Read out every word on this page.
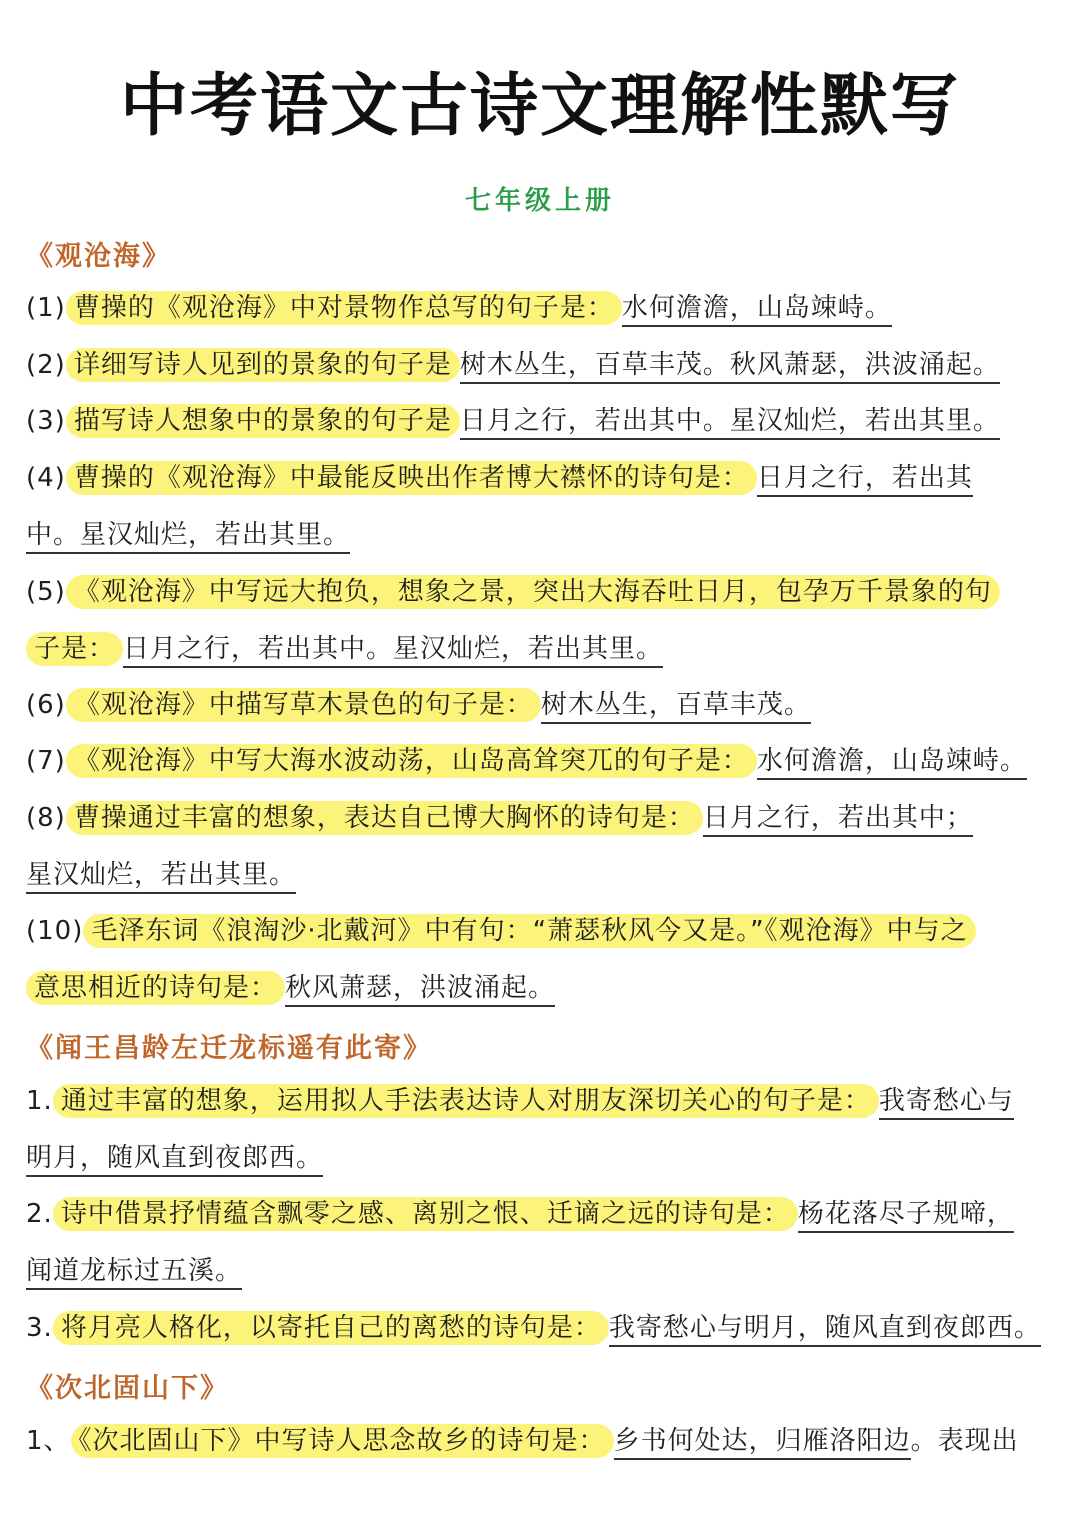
中考语文古诗文理解性默写
七年级上册
《观沧海》
(1) 曹操的《观沧海》中对景物作总写的句子是： 水何澹澹，山岛竦峙。
(2) 详细写诗人见到的景象的句子是 树木丛生，百草丰茂。秋风萧瑟，洪波涌起。
(3) 描写诗人想象中的景象的句子是 日月之行，若出其中。星汉灿烂，若出其里。
(4) 曹操的《观沧海》中最能反映出作者博大襟怀的诗句是： 日月之行，若出其
中。星汉灿烂，若出其里。
(5) 《观沧海》中写远大抱负，想象之景，突出大海吞吐日月，包孕万千景象的句
子是： 日月之行，若出其中。星汉灿烂，若出其里。
(6) 《观沧海》中描写草木景色的句子是： 树木丛生，百草丰茂。
(7) 《观沧海》中写大海水波动荡，山岛高耸突兀的句子是： 水何澹澹，山岛竦峙。
(8) 曹操通过丰富的想象，表达自己博大胸怀的诗句是： 日月之行，若出其中；
星汉灿烂，若出其里。
(10) 毛泽东词《浪淘沙·北戴河》中有句：“萧瑟秋风今又是。”《观沧海》中与之
意思相近的诗句是： 秋风萧瑟，洪波涌起。
《闻王昌龄左迁龙标遥有此寄》
1. 通过丰富的想象，运用拟人手法表达诗人对朋友深切关心的句子是： 我寄愁心与
明月，随风直到夜郎西。
2. 诗中借景抒情蕴含飘零之感、离别之恨、迁谪之远的诗句是： 杨花落尽子规啼，
闻道龙标过五溪。
3. 将月亮人格化，以寄托自己的离愁的诗句是： 我寄愁心与明月，随风直到夜郎西。
《次北固山下》
1、 《次北固山下》中写诗人思念故乡的诗句是： 乡书何处达，归雁洛阳边。表现出
